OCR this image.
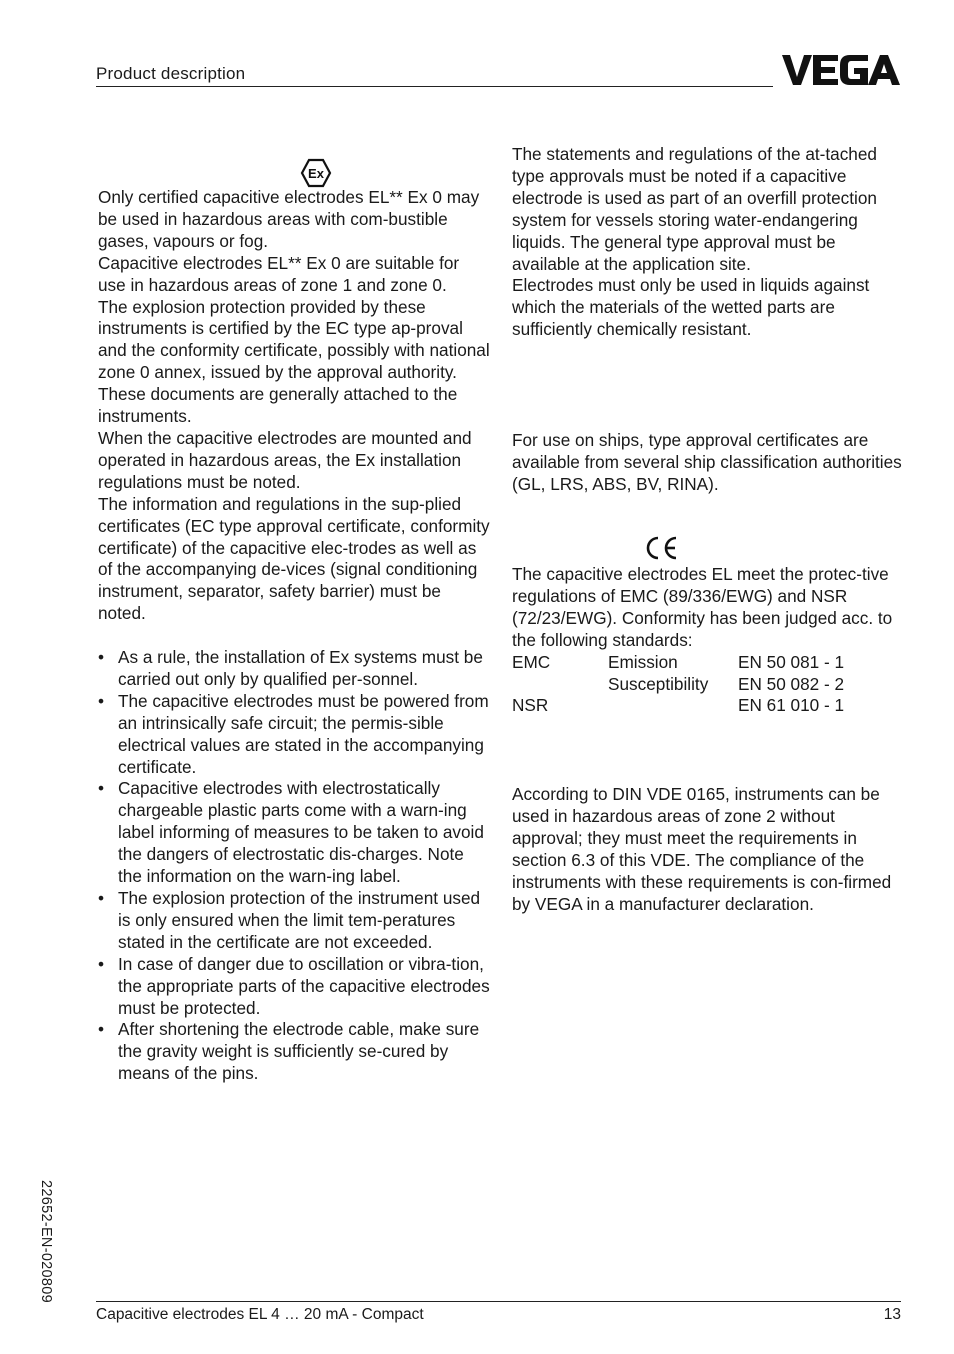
Product description
Ex

Only certified capacitive electrodes EL** Ex 0 may be used in hazardous areas with com-bustible gases, vapours or fog.

Capacitive electrodes EL** Ex 0 are suitable for use in hazardous areas of zone 1 and zone 0.

The explosion protection provided by these instruments is certified by the EC type ap-proval and the conformity certificate, possibly with national zone 0 annex, issued by the approval authority. These documents are generally attached to the instruments.

When the capacitive electrodes are mounted and operated in hazardous areas, the Ex installation regulations must be noted.

The information and regulations in the sup-plied certificates (EC type approval certificate, conformity certificate) of the capacitive elec-trodes as well as of the accompanying de-vices (signal conditioning instrument, separator, safety barrier) must be noted.

• As a rule, the installation of Ex systems must be carried out only by qualified per-sonnel.
• The capacitive electrodes must be powered from an intrinsically safe circuit; the permis-sible electrical values are stated in the accompanying certificate.
• Capacitive electrodes with electrostatically chargeable plastic parts come with a warn-ing label informing of measures to be taken to avoid the dangers of electrostatic dis-charges. Note the information on the warn-ing label.
• The explosion protection of the instrument used is only ensured when the limit tem-peratures stated in the certificate are not exceeded.
• In case of danger due to oscillation or vibra-tion, the appropriate parts of the capacitive electrodes must be protected.
• After shortening the electrode cable, make sure the gravity weight is sufficiently se-cured by means of the pins.

The statements and regulations of the at-tached type approvals must be noted if a capacitive electrode is used as part of an overfill protection system for vessels storing water-endangering liquids. The general type approval must be available at the application site.

Electrodes must only be used in liquids against which the materials of the wetted parts are sufficiently chemically resistant.

For use on ships, type approval certificates are available from several ship classification authorities (GL, LRS, ABS, BV, RINA).

The capacitive electrodes EL meet the protec-tive regulations of EMC (89/336/EWG) and NSR (72/23/EWG). Conformity has been judged acc. to the following standards:

EMC	Emission	EN 50 081 - 1
	Susceptibility	EN 50 082 - 2
NSR		EN 61 010 - 1

According to DIN VDE 0165, instruments can be used in hazardous areas of zone 2 without approval; they must meet the requirements in section 6.3 of this VDE. The compliance of the instruments with these requirements is con-firmed by VEGA in a manufacturer declaration.

22652-EN-020809
Capacitive electrodes EL 4 … 20 mA - Compact	13
